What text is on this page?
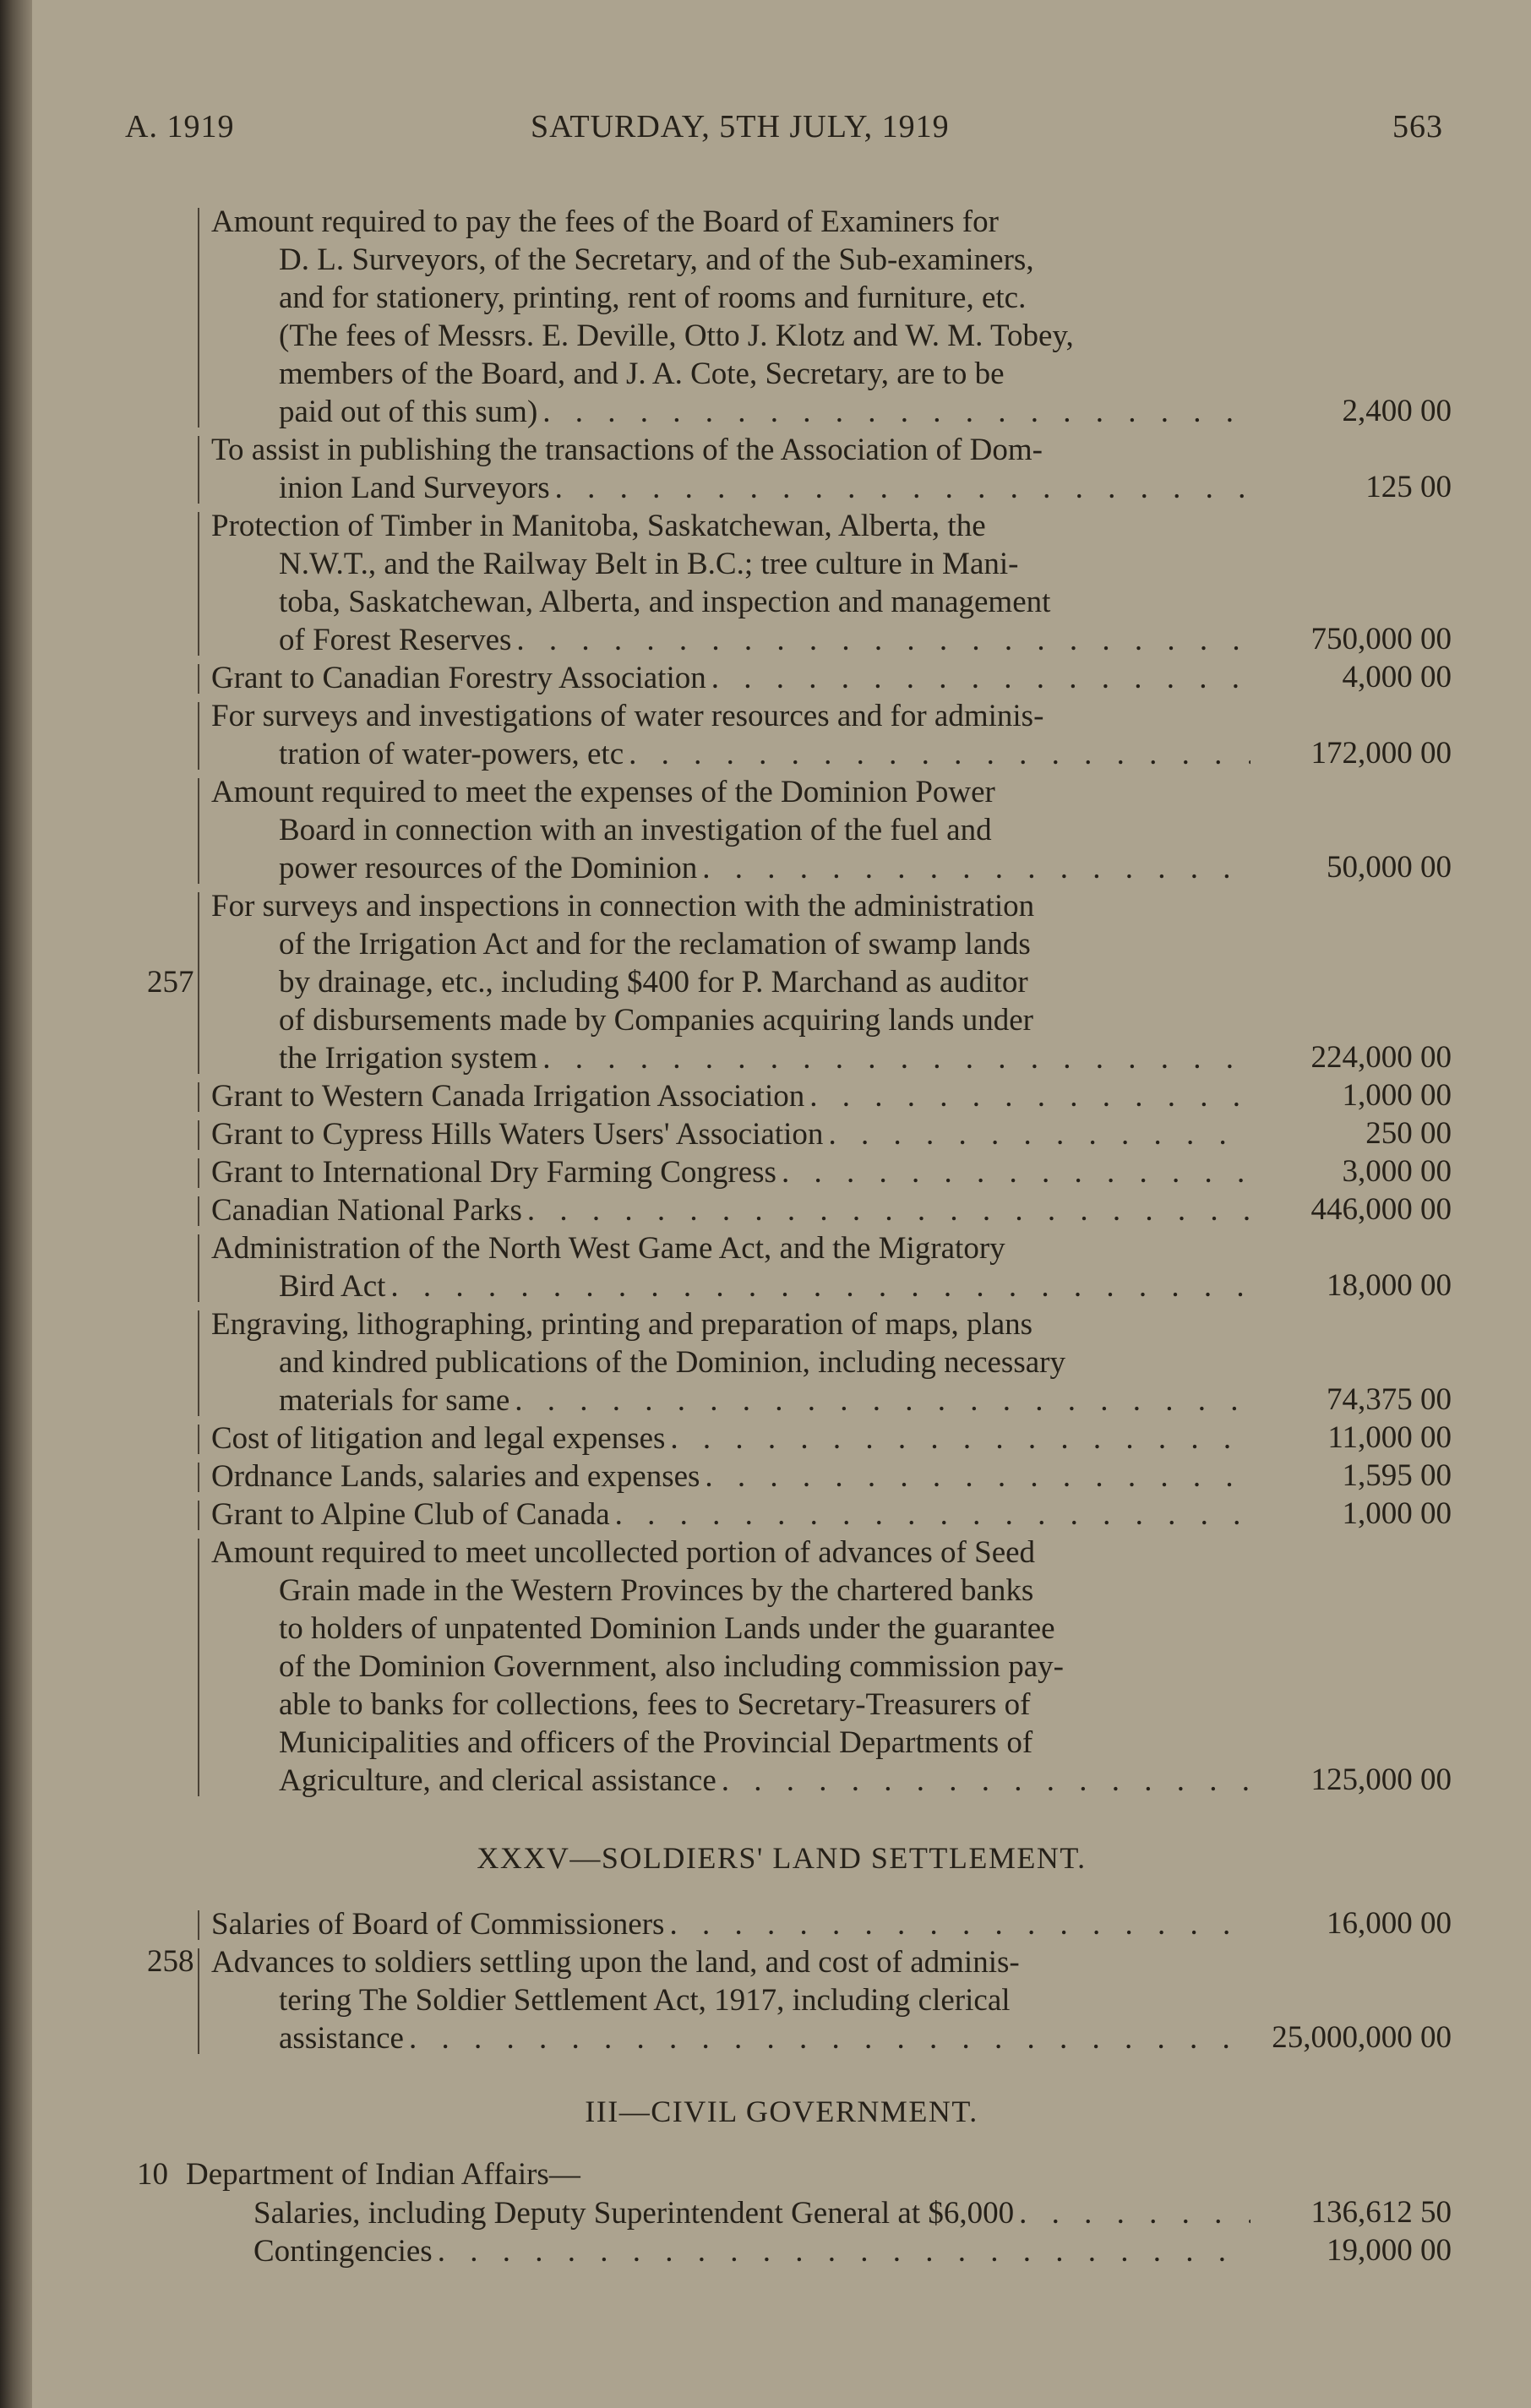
A. 1919	SATURDAY, 5TH JULY, 1919	563
Amount required to pay the fees of the Board of Examiners for
D. L. Surveyors, of the Secretary, and of the Sub-examiners,
and for stationery, printing, rent of rooms and furniture, etc.
(The fees of Messrs. E. Deville, Otto J. Klotz and W. M. Tobey,
members of the Board, and J. A. Cote, Secretary, are to be
paid out of this sum) . . .	2,400 00
To assist in publishing the transactions of the Association of Dom-
inion Land Surveyors . . .	125 00
Protection of Timber in Manitoba, Saskatchewan, Alberta, the
N.W.T., and the Railway Belt in B.C.; tree culture in Mani-
toba, Saskatchewan, Alberta, and inspection and management
of Forest Reserves . . .	750,000 00
Grant to Canadian Forestry Association . . .	4,000 00
For surveys and investigations of water resources and for adminis-
tration of water-powers, etc . . .	172,000 00
Amount required to meet the expenses of the Dominion Power
Board in connection with an investigation of the fuel and
power resources of the Dominion . . .	50,000 00
For surveys and inspections in connection with the administration
of the Irrigation Act and for the reclamation of swamp lands
by drainage, etc., including $400 for P. Marchand as auditor
of disbursements made by Companies acquiring lands under
the Irrigation system . . .	224,000 00
Grant to Western Canada Irrigation Association . . .	1,000 00
Grant to Cypress Hills Waters Users' Association . . .	250 00
Grant to International Dry Farming Congress . . .	3,000 00
Canadian National Parks . . .	446,000 00
Administration of the North West Game Act, and the Migratory
Bird Act . . .	18,000 00
Engraving, lithographing, printing and preparation of maps, plans
and kindred publications of the Dominion, including necessary
materials for same . . .	74,375 00
Cost of litigation and legal expenses . . .	11,000 00
Ordnance Lands, salaries and expenses . . .	1,595 00
Grant to Alpine Club of Canada . . .	1,000 00
Amount required to meet uncollected portion of advances of Seed
Grain made in the Western Provinces by the chartered banks
to holders of unpatented Dominion Lands under the guarantee
of the Dominion Government, also including commission pay-
able to banks for collections, fees to Secretary-Treasurers of
Municipalities and officers of the Provincial Departments of
Agriculture, and clerical assistance . . .	125,000 00
257
XXXV—SOLDIERS' LAND SETTLEMENT.
258
Salaries of Board of Commissioners . . .	16,000 00
Advances to soldiers settling upon the land, and cost of adminis-
tering The Soldier Settlement Act, 1917, including clerical
assistance . . .	25,000,000 00
III—CIVIL GOVERNMENT.
10 Department of Indian Affairs—
Salaries, including Deputy Superintendent General at $6,000 . . .	136,612 50
Contingencies . . .	19,000 00
